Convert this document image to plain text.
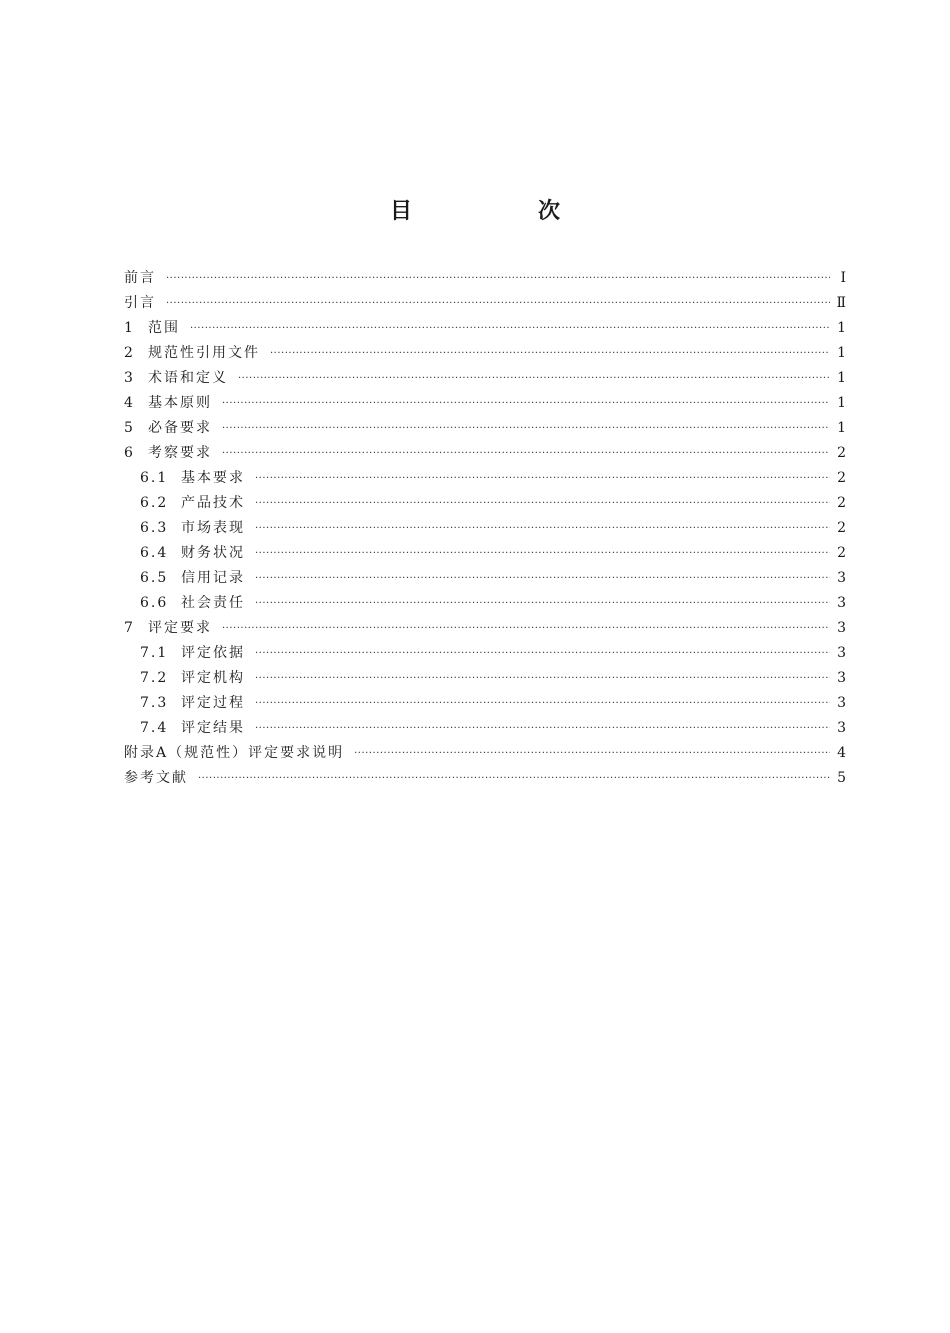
目　次
前言 ·····	Ⅰ
引言 ·····	Ⅱ
1 范围 ·····	1
2 规范性引用文件 ·····	1
3 术语和定义 ·····	1
4 基本原则 ·····	1
5 必备要求 ·····	1
6 考察要求 ·····	2
6.1 基本要求 ·····	2
6.2 产品技术 ·····	2
6.3 市场表现 ·····	2
6.4 财务状况 ·····	2
6.5 信用记录 ·····	3
6.6 社会责任 ·····	3
7 评定要求 ·····	3
7.1 评定依据 ·····	3
7.2 评定机构 ·····	3
7.3 评定过程 ·····	3
7.4 评定结果 ·····	3
附录A（规范性）评定要求说明 ·····	4
参考文献 ·····	5
